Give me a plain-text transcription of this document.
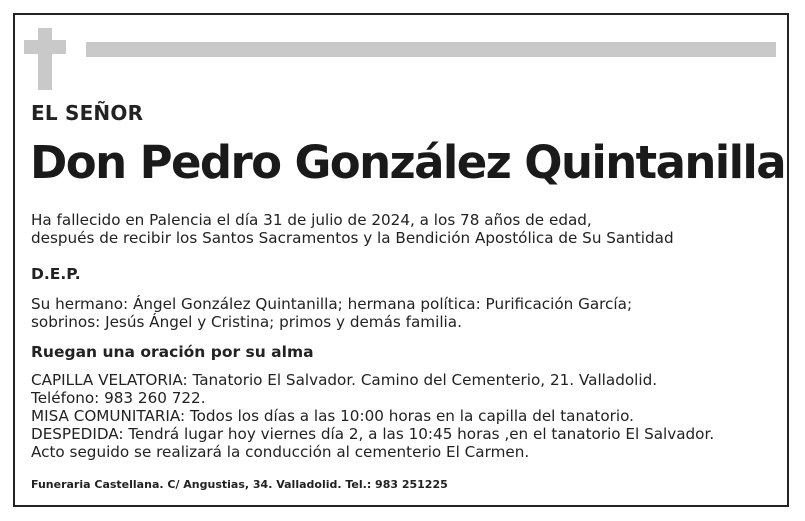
EL SEÑOR
Don Pedro González Quintanilla
Ha fallecido en Palencia el día 31 de julio de 2024, a los 78 años de edad,
después de recibir los Santos Sacramentos y la Bendición Apostólica de Su Santidad
D.E.P.
Su hermano: Ángel González Quintanilla; hermana política: Purificación García;
sobrinos: Jesús Ángel y Cristina; primos y demás familia.
Ruegan una oración por su alma
CAPILLA VELATORIA: Tanatorio El Salvador. Camino del Cementerio, 21. Valladolid.
Teléfono: 983 260 722.
MISA COMUNITARIA: Todos los días a las 10:00 horas en la capilla del tanatorio.
DESPEDIDA: Tendrá lugar hoy viernes día 2, a las 10:45 horas ,en el tanatorio El Salvador.
Acto seguido se realizará la conducción al cementerio El Carmen.
Funeraria Castellana. C/ Angustias, 34. Valladolid. Tel.: 983 251225
